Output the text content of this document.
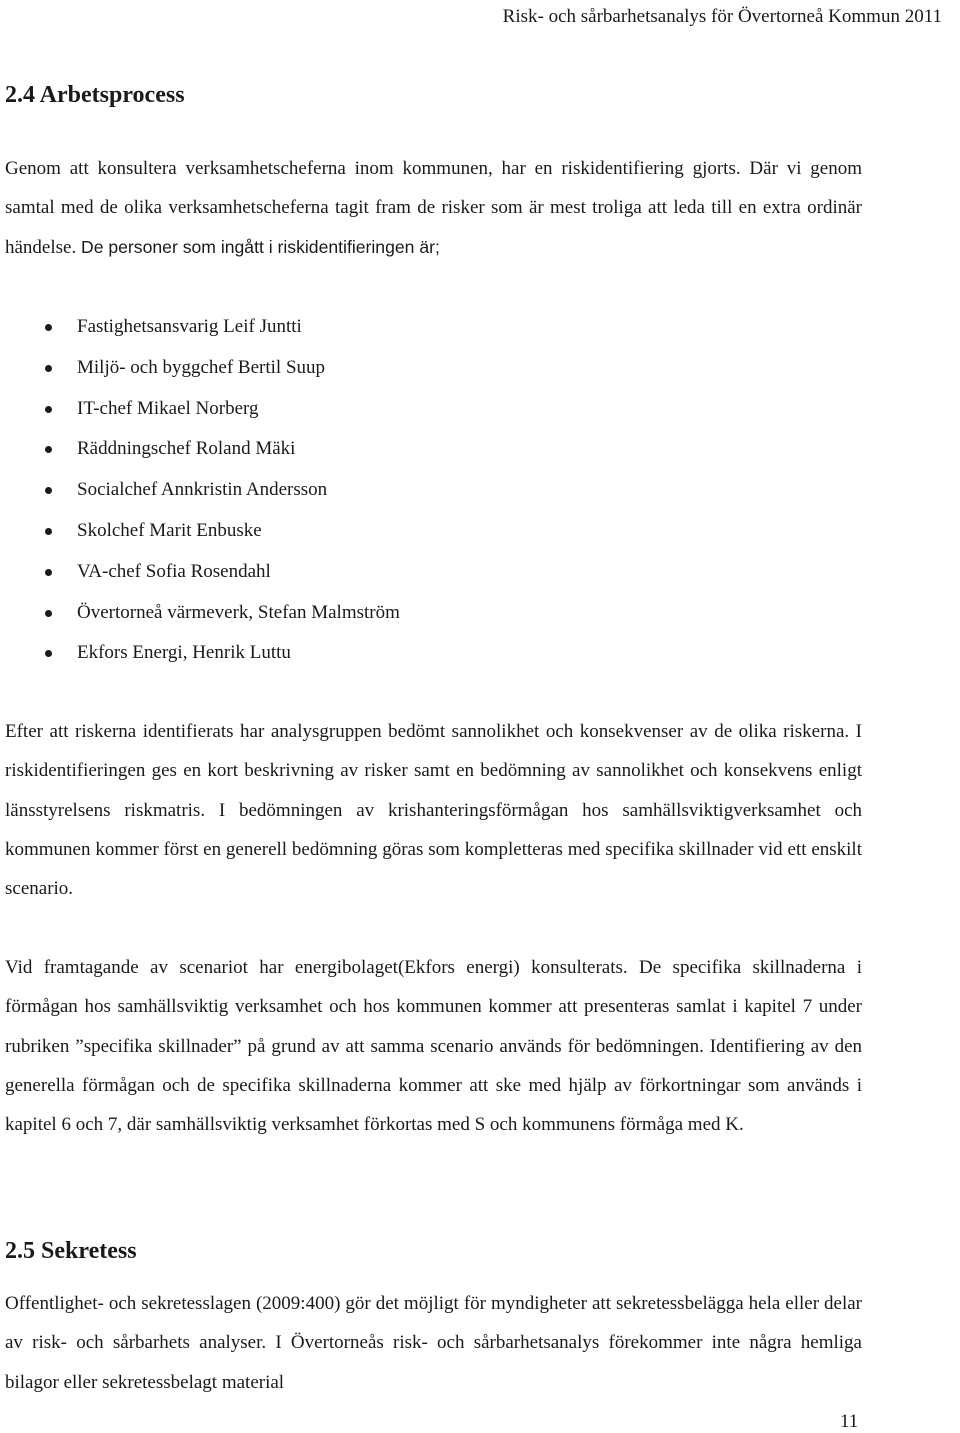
Risk- och sårbarhetsanalys för Övertorneå Kommun 2011
2.4 Arbetsprocess

Genom att konsultera verksamhetscheferna inom kommunen, har en riskidentifiering gjorts. Där vi genom samtal med de olika verksamhetscheferna tagit fram de risker som är mest troliga att leda till en extra ordinär händelse. De personer som ingått i riskidentifieringen är;

Fastighetsansvarig Leif Juntti
Miljö- och byggchef Bertil Suup
IT-chef Mikael Norberg
Räddningschef Roland Mäki
Socialchef Annkristin Andersson
Skolchef Marit Enbuske
VA-chef Sofia Rosendahl
Övertorneå värmeverk, Stefan Malmström
Ekfors Energi, Henrik Luttu

Efter att riskerna identifierats har analysgruppen bedömt sannolikhet och konsekvenser av de olika riskerna. I riskidentifieringen ges en kort beskrivning av risker samt en bedömning av sannolikhet och konsekvens enligt länsstyrelsens riskmatris. I bedömningen av krishanteringsförmågan hos samhällsviktigverksamhet och kommunen kommer först en generell bedömning göras som kompletteras med specifika skillnader vid ett enskilt scenario.

Vid framtagande av scenariot har energibolaget(Ekfors energi) konsulterats. De specifika skillnaderna i förmågan hos samhällsviktig verksamhet och hos kommunen kommer att presenteras samlat i kapitel 7 under rubriken ”specifika skillnader” på grund av att samma scenario används för bedömningen. Identifiering av den generella förmågan och de specifika skillnaderna kommer att ske med hjälp av förkortningar som används i kapitel 6 och 7, där samhällsviktig verksamhet förkortas med S och kommunens förmåga med K.

2.5 Sekretess

Offentlighet- och sekretesslagen (2009:400) gör det möjligt för myndigheter att sekretessbelägga hela eller delar av risk- och sårbarhets analyser. I Övertorneås risk- och sårbarhetsanalys förekommer inte några hemliga bilagor eller sekretessbelagt material

11
